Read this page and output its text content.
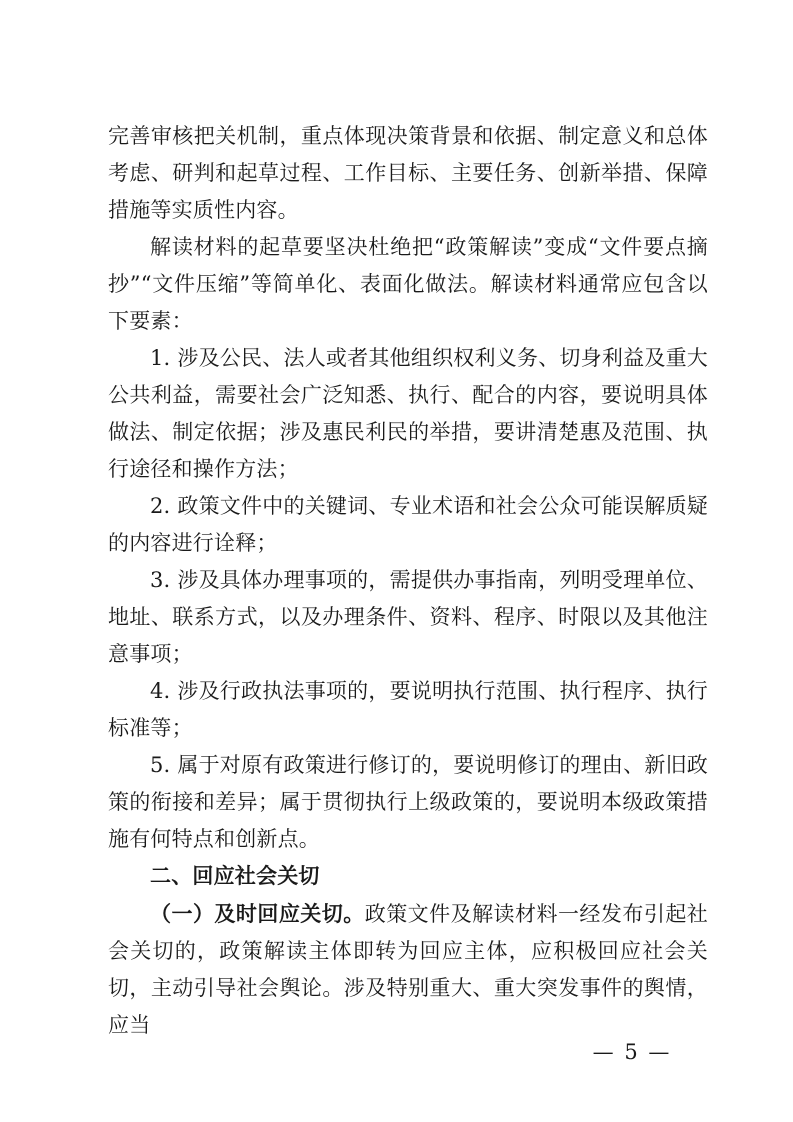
完善审核把关机制，重点体现决策背景和依据、制定意义和总体考虑、研判和起草过程、工作目标、主要任务、创新举措、保障措施等实质性内容。

解读材料的起草要坚决杜绝把“政策解读”变成“文件要点摘抄”“文件压缩”等简单化、表面化做法。解读材料通常应包含以下要素：

1. 涉及公民、法人或者其他组织权利义务、切身利益及重大公共利益，需要社会广泛知悉、执行、配合的内容，要说明具体做法、制定依据；涉及惠民利民的举措，要讲清楚惠及范围、执行途径和操作方法；

2. 政策文件中的关键词、专业术语和社会公众可能误解质疑的内容进行诠释；

3. 涉及具体办理事项的，需提供办事指南，列明受理单位、地址、联系方式，以及办理条件、资料、程序、时限以及其他注意事项；

4. 涉及行政执法事项的，要说明执行范围、执行程序、执行标准等；

5. 属于对原有政策进行修订的，要说明修订的理由、新旧政策的衔接和差异；属于贯彻执行上级政策的，要说明本级政策措施有何特点和创新点。

二、回应社会关切

（一）及时回应关切。政策文件及解读材料一经发布引起社会关切的，政策解读主体即转为回应主体，应积极回应社会关切，主动引导社会舆论。涉及特别重大、重大突发事件的舆情，应当

— 5 —
